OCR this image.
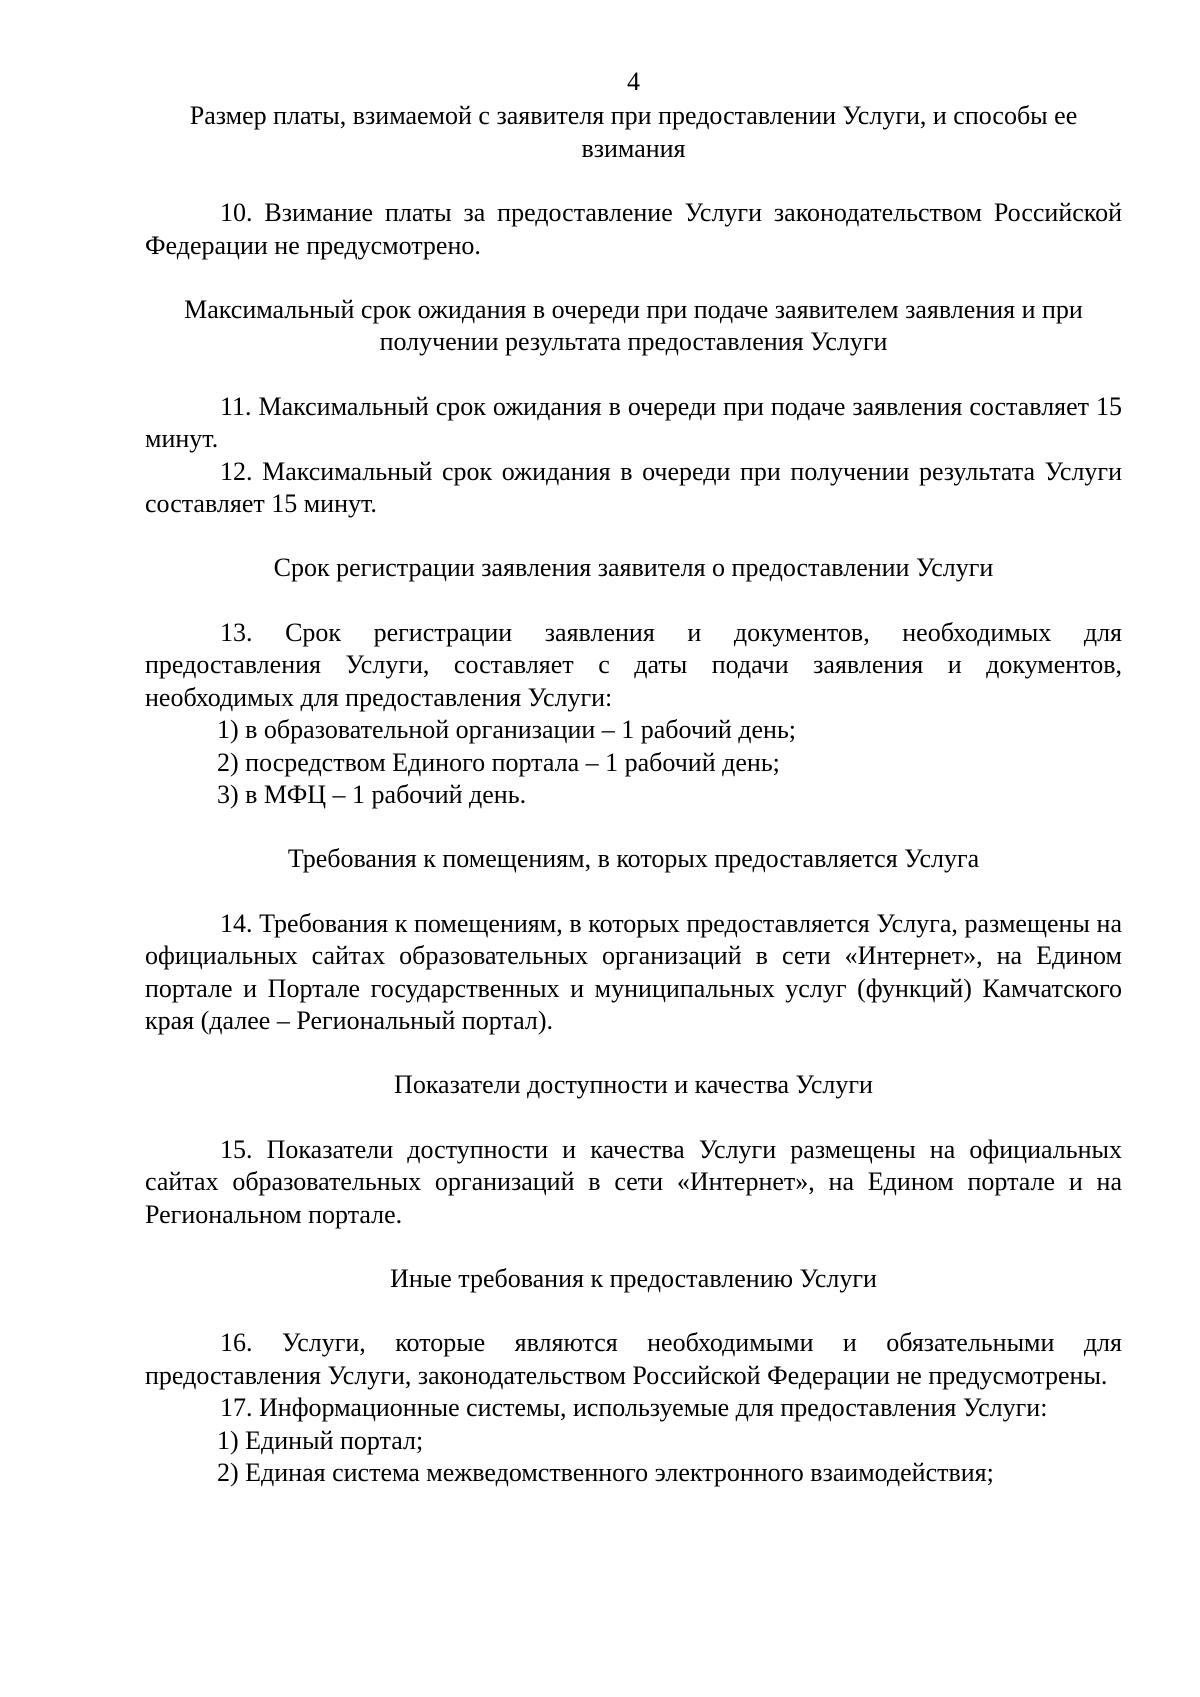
4

Размер платы, взимаемой с заявителя при предоставлении Услуги, и способы ее взимания

10. Взимание платы за предоставление Услуги законодательством Российской Федерации не предусмотрено.

Максимальный срок ожидания в очереди при подаче заявителем заявления и при получении результата предоставления Услуги

11. Максимальный срок ожидания в очереди при подаче заявления составляет 15 минут.

12. Максимальный срок ожидания в очереди при получении результата Услуги составляет 15 минут.

Срок регистрации заявления заявителя о предоставлении Услуги

13. Срок регистрации заявления и документов, необходимых для предоставления Услуги, составляет с даты подачи заявления и документов, необходимых для предоставления Услуги:

1) в образовательной организации – 1 рабочий день;

2) посредством Единого портала – 1 рабочий день;

3) в МФЦ – 1 рабочий день.

Требования к помещениям, в которых предоставляется Услуга

14. Требования к помещениям, в которых предоставляется Услуга, размещены на официальных сайтах образовательных организаций в сети «Интернет», на Едином портале и Портале государственных и муниципальных услуг (функций) Камчатского края (далее – Региональный портал).

Показатели доступности и качества Услуги

15. Показатели доступности и качества Услуги размещены на официальных сайтах образовательных организаций в сети «Интернет», на Едином портале и на Региональном портале.

Иные требования к предоставлению Услуги

16. Услуги, которые являются необходимыми и обязательными для предоставления Услуги, законодательством Российской Федерации не предусмотрены.

17. Информационные системы, используемые для предоставления Услуги:

1) Единый портал;

2) Единая система межведомственного электронного взаимодействия;
